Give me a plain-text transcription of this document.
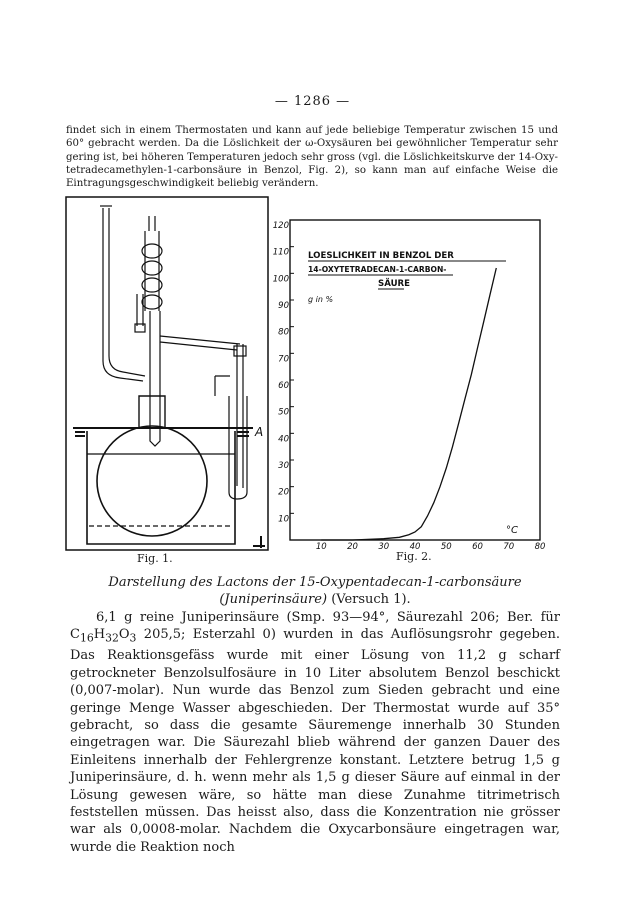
— 1286 —
findet sich in einem Thermostaten und kann auf jede beliebige Temperatur zwischen 15 und 60° gebracht werden. Da die Löslichkeit der ω-Oxysäuren bei gewöhnlicher Temperatur sehr gering ist, bei höheren Temperaturen jedoch sehr gross (vgl. die Löslichkeitskurve der 14-Oxy-tetradecamethylen-1-carbonsäure in Benzol, Fig. 2), so kann man auf einfache Weise die Eintragungsgeschwindigkeit beliebig verändern.
A
Fig. 1.
10
20
30
40
50
60
70
80
90
100
110
120
10 20 30 40 50 60 70 80
LOESLICHKEIT IN BENZOL DER
14-OXYTETRADECAN-1-CARBON-
SÄURE
g in %
°C
Fig. 2.
Darstellung des Lactons der 15-Oxypentadecan-1-carbonsäure
(Juniperinsäure) (Versuch 1).

6,1 g reine Juniperinsäure (Smp. 93—94°, Säurezahl 206; Ber. für $C_{16}H_{32}O_3$ 205,5; Esterzahl 0) wurden in das Auflösungsrohr gegeben. Das Reaktionsgefäss wurde mit einer Lösung von 11,2 g scharf getrockneter Benzolsulfosäure in 10 Liter absolutem Benzol beschickt (0,007-molar). Nun wurde das Benzol zum Sieden gebracht und eine geringe Menge Wasser abgeschieden. Der Thermostat wurde auf 35° gebracht, so dass die gesamte Säuremenge innerhalb 30 Stunden eingetragen war. Die Säurezahl blieb während der ganzen Dauer des Einleitens innerhalb der Fehlergrenze konstant. Letztere betrug 1,5 g Juniperinsäure, d. h. wenn mehr als 1,5 g dieser Säure auf einmal in der Lösung gewesen wäre, so hätte man diese Zunahme titrimetrisch feststellen müssen. Das heisst also, dass die Konzentration nie grösser war als 0,0008-molar. Nachdem die Oxycarbonsäure eingetragen war, wurde die Reaktion noch
